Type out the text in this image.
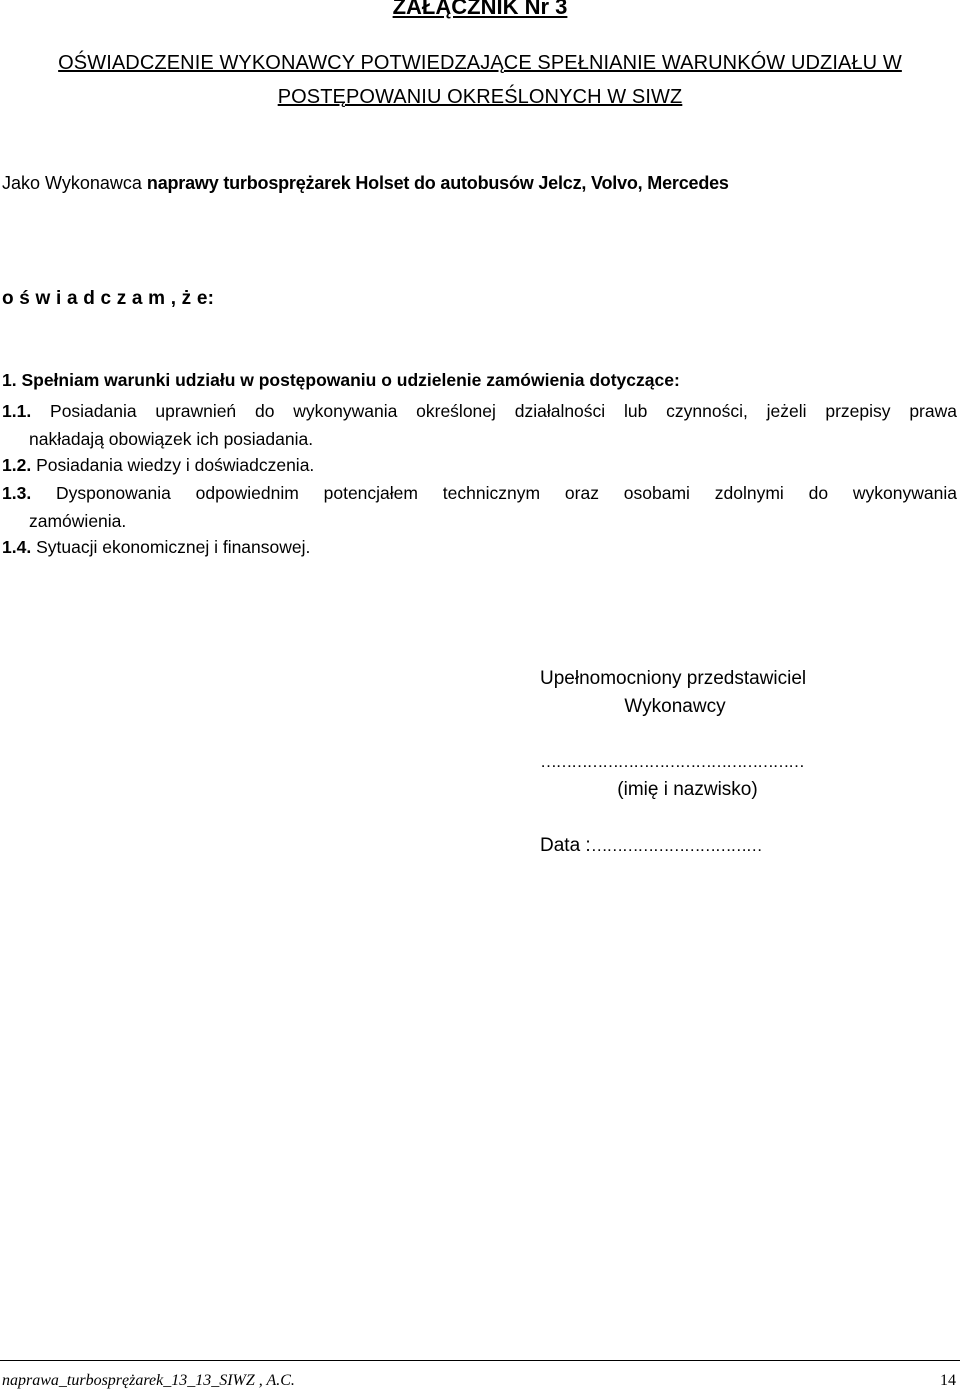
ZAŁĄCZNIK Nr 3
OŚWIADCZENIE WYKONAWCY POTWIEDZAJĄCE SPEŁNIANIE WARUNKÓW UDZIAŁU W
POSTĘPOWANIU OKREŚLONYCH W SIWZ
Jako Wykonawca naprawy turbosprężarek Holset do autobusów Jelcz, Volvo, Mercedes
o ś w i a d c z a m , ż e:
1. Spełniam warunki udziału w postępowaniu o udzielenie zamówienia dotyczące:
1.1. Posiadania uprawnień do wykonywania określonej działalności lub czynności, jeżeli przepisy prawa
nakładają obowiązek ich posiadania.
1.2. Posiadania wiedzy i doświadczenia.
1.3. Dysponowania odpowiednim potencjałem technicznym oraz osobami zdolnymi do wykonywania
zamówienia.
1.4. Sytuacji ekonomicznej i finansowej.
Upełnomocniony przedstawiciel
Wykonawcy
……………………………………………
(imię i nazwisko)
Data :……………………………
naprawa_turbosprężarek_13_13_SIWZ , A.C.	14
